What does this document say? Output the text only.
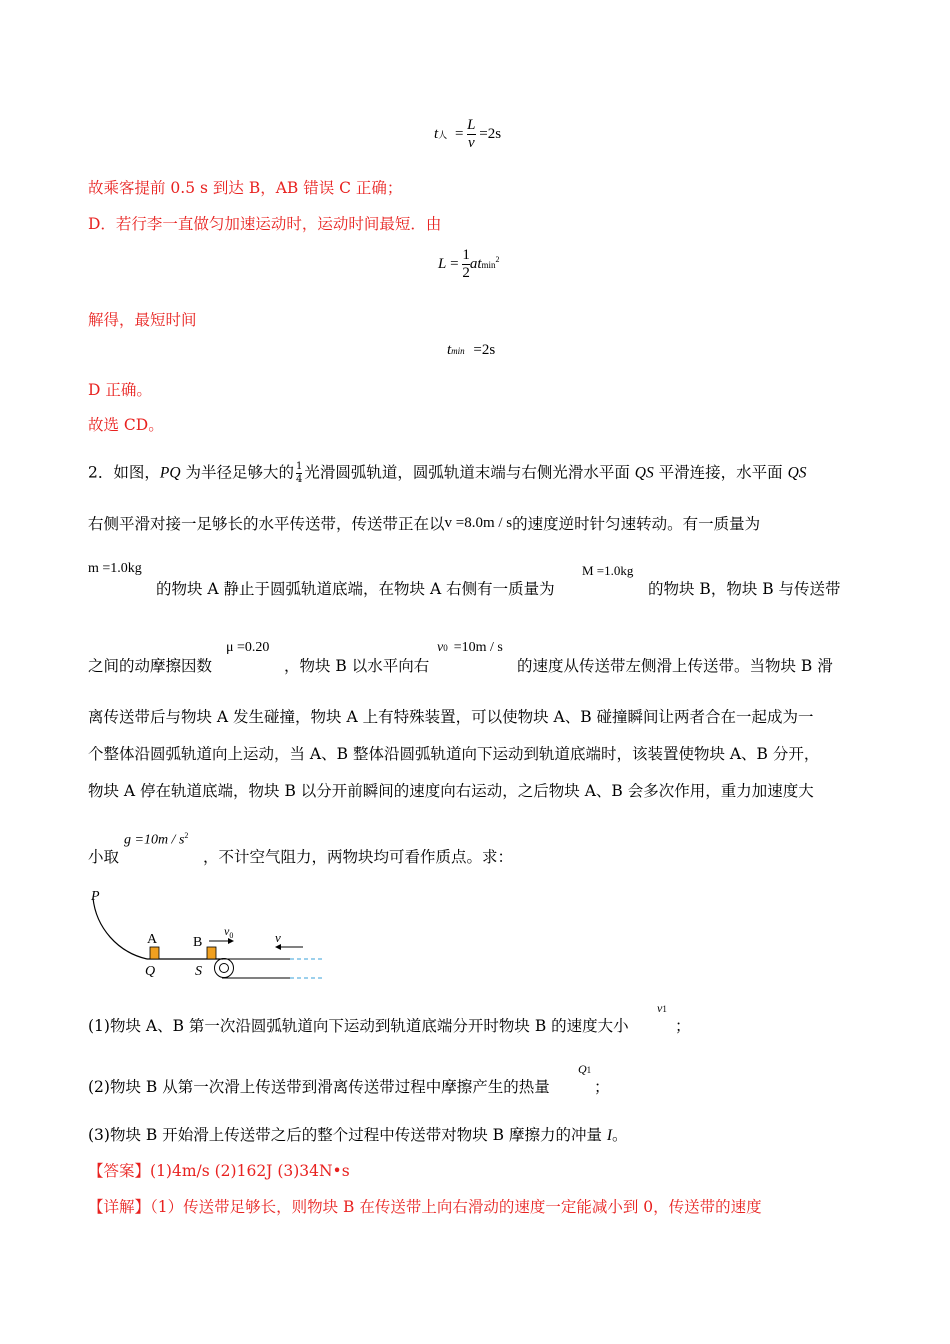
t人 = $\frac{L}{v} =2s$
故乘客提前 0.5 s 到达 B，AB 错误 C 正确；
D．若行李一直做匀加速运动时，运动时间最短．由
$L = \frac{1}{2} atmin^2$
解得，最短时间
tmin =2s
D 正确。
故选 CD。
2．如图，PQ 为半径足够大的 $\frac{1}{4}$ 光滑圆弧轨道，圆弧轨道末端与右侧光滑水平面 QS 平滑连接，水平面 QS
右侧平滑对接一足够长的水平传送带，传送带正在以v =8.0m / s的速度逆时针匀速转动。有一质量为
m =1.0kg	M =1.0kg
的物块 A 静止于圆弧轨道底端，在物块 A 右侧有一质量为	的物块 B，物块 B 与传送带
之间的动摩擦因数
μ =0.20
，物块 B 以水平向右
v0 =10m / s
的速度从传送带左侧滑上传送带。当物块 B 滑
离传送带后与物块 A 发生碰撞，物块 A 上有特殊装置，可以使物块 A、B 碰撞瞬间让两者合在一起成为一
个整体沿圆弧轨道向上运动，当 A、B 整体沿圆弧轨道向下运动到轨道底端时，该装置使物块 A、B 分开，
物块 A 停在轨道底端，物块 B 以分开前瞬间的速度向右运动，之后物块 A、B 会多次作用，重力加速度大
小取
$g =10m / s^2$
，不计空气阻力，两物块均可看作质点。求：
P
A
Q
B
S
$v_0$	v
(1)物块 A、B 第一次沿圆弧轨道向下运动到轨道底端分开时物块 B 的速度大小
v1
；
(2)物块 B 从第一次滑上传送带到滑离传送带过程中摩擦产生的热量
Q1
；
(3)物块 B 开始滑上传送带之后的整个过程中传送带对物块 B 摩擦力的冲量 I。
【答案】(1)4m/s (2)162J (3)34N•s
【详解】（1）传送带足够长，则物块 B 在传送带上向右滑动的速度一定能减小到 0，传送带的速度
